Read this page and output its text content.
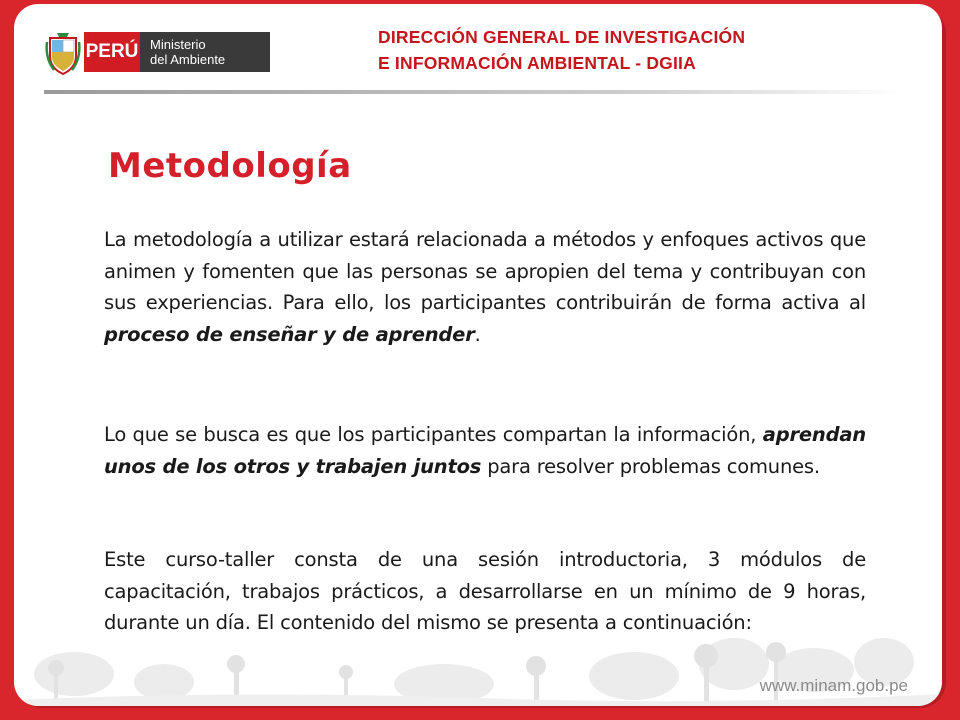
PERÚ Ministerio
del Ambiente
DIRECCIÓN GENERAL DE INVESTIGACIÓN
E INFORMACIÓN AMBIENTAL - DGIIA
Metodología

La metodología a utilizar estará relacionada a métodos y enfoques activos que animen y fomenten que las personas se apropien del tema y contribuyan con sus experiencias. Para ello, los participantes contribuirán de forma activa al proceso de enseñar y de aprender.

Lo que se busca es que los participantes compartan la información, aprendan unos de los otros y trabajen juntos para resolver problemas comunes.

Este curso-taller consta de una sesión introductoria, 3 módulos de capacitación, trabajos prácticos, a desarrollarse en un mínimo de 9 horas, durante un día. El contenido del mismo se presenta a continuación:

www.minam.gob.pe
